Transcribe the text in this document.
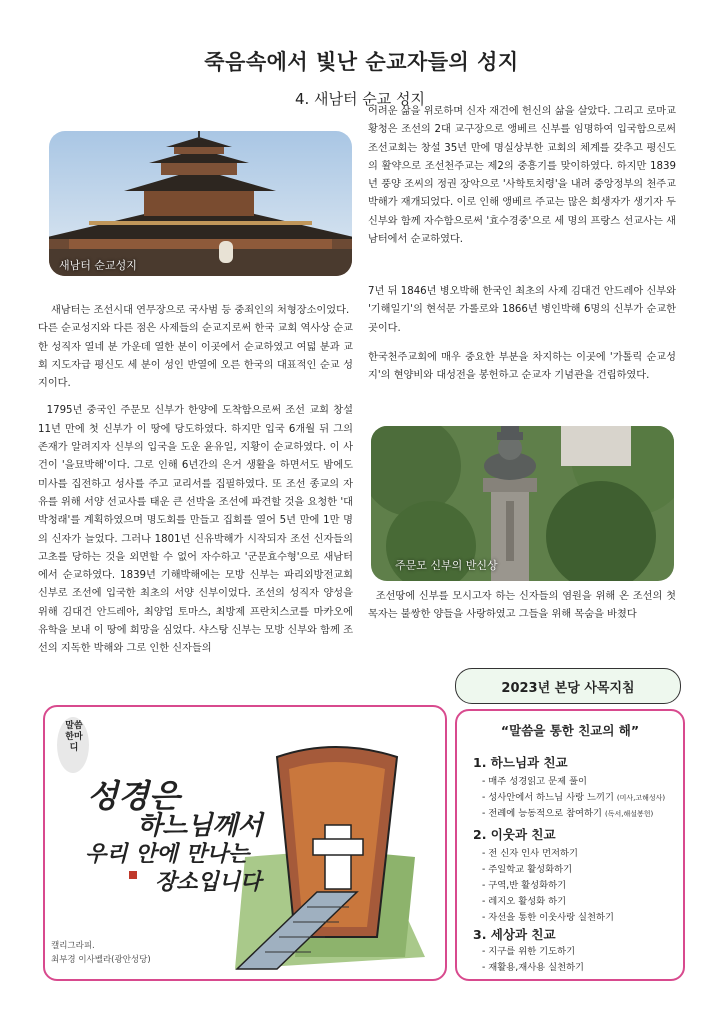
죽음속에서 빛난 순교자들의 성지
4. 새남터 순교 성지
새남터 순교성지

새남터는 조선시대 연무장으로 국사범 등 중죄인의 처형장소이었다.

다른 순교성지와 다른 점은 사제들의 순교지로써 한국 교회 역사상 순교한 성직자 열네 분 가운데 열한 분이 이곳에서 순교하였고 여덟 분과 교회 지도자급 평신도 세 분이 성인 반열에 오른 한국의 대표적인 순교 성지이다.

1795년 중국인 주문모 신부가 한양에 도착함으로써 조선 교회 창설 11년 만에 첫 신부가 이 땅에 당도하였다. 하지만 입국 6개월 뒤 그의 존재가 알려지자 신부의 입국을 도운 윤유일, 지황이 순교하였다. 이 사건이 '을묘박해'이다. 그로 인해 6년간의 은거 생활을 하면서도 밤에도 미사를 집전하고 성사를 주고 교리서를 집필하였다. 또 조선 종교의 자유를 위해 서양 선교사를 태운 큰 선박을 조선에 파견할 것을 요청한 '대박청래'를 계획하였으며 명도회를 만들고 집회를 열어 5년 만에 1만 명의 신자가 늘었다. 그러나 1801년 신유박해가 시작되자 조선 신자들의 고초를 당하는 것을 외면할 수 없어 자수하고 '군문효수형'으로 새남터에서 순교하였다. 1839년 기해박해에는 모방 신부는 파리외방전교회 신부로 조선에 입국한 최초의 서양 신부이었다. 조선의 성직자 양성을 위해 김대건 안드레아, 최양업 토마스, 최방제 프란치스코를 마카오에 유학을 보내 이 땅에 희망을 심었다. 샤스탕 신부는 모방 신부와 함께 조선의 지독한 박해와 그로 인한 신자들의

어려운 삶을 위로하며 신자 재건에 헌신의 삶을 살았다. 그리고 로마교황청은 조선의 2대 교구장으로 앵베르 신부를 임명하여 입국함으로써 조선교회는 창설 35년 만에 명실상부한 교회의 체계를 갖추고 평신도의 활약으로 조선천주교는 제2의 중흥기를 맞이하였다. 하지만 1839년 풍양 조씨의 정권 장악으로 '사학토치령'을 내려 중앙정부의 천주교 박해가 재개되었다. 이로 인해 앵베르 주교는 많은 희생자가 생기자 두 신부와 함께 자수함으로써 '효수경중'으로 세 명의 프랑스 선교사는 새남터에서 순교하였다.

7년 뒤 1846년 병오박해 한국인 최초의 사제 김대건 안드레아 신부와 '기해일기'의 현석문 가롤로와 1866년 병인박해 6명의 신부가 순교한 곳이다.

한국천주교회에 매우 중요한 부분을 차지하는 이곳에 '가톨릭 순교성지'의 현양비와 대성전을 봉헌하고 순교자 기념관을 건립하였다.

주문모 신부의 반신상

조선땅에 신부를 모시고자 하는 신자들의 염원을 위해 온 조선의 첫 목자는 불쌍한 양들을 사랑하였고 그들을 위해 목숨을 바쳤다

2023년 본당 사목지침
말씀 한마디
성경은
하느님께서
우리 안에 만나는
장소입니다
캘리그라피.
최부경 이사벨라(광안성당)
“말씀을 통한 친교의 해”
1. 하느님과 친교
- 매주 성경읽고 문제 풀이
- 성사안에서 하느님 사랑 느끼기 (미사,고해성사)
- 전례에 능동적으로 참여하기 (독서,해설봉헌)
2. 이웃과 친교
- 전 신자 인사 먼저하기
- 주일학교 활성화하기
- 구역,반 활성화하기
- 레지오 활성화 하기
- 자선을 통한 이웃사랑 실천하기
3. 세상과 친교
- 지구를 위한 기도하기
- 재활용,재사용 실천하기
